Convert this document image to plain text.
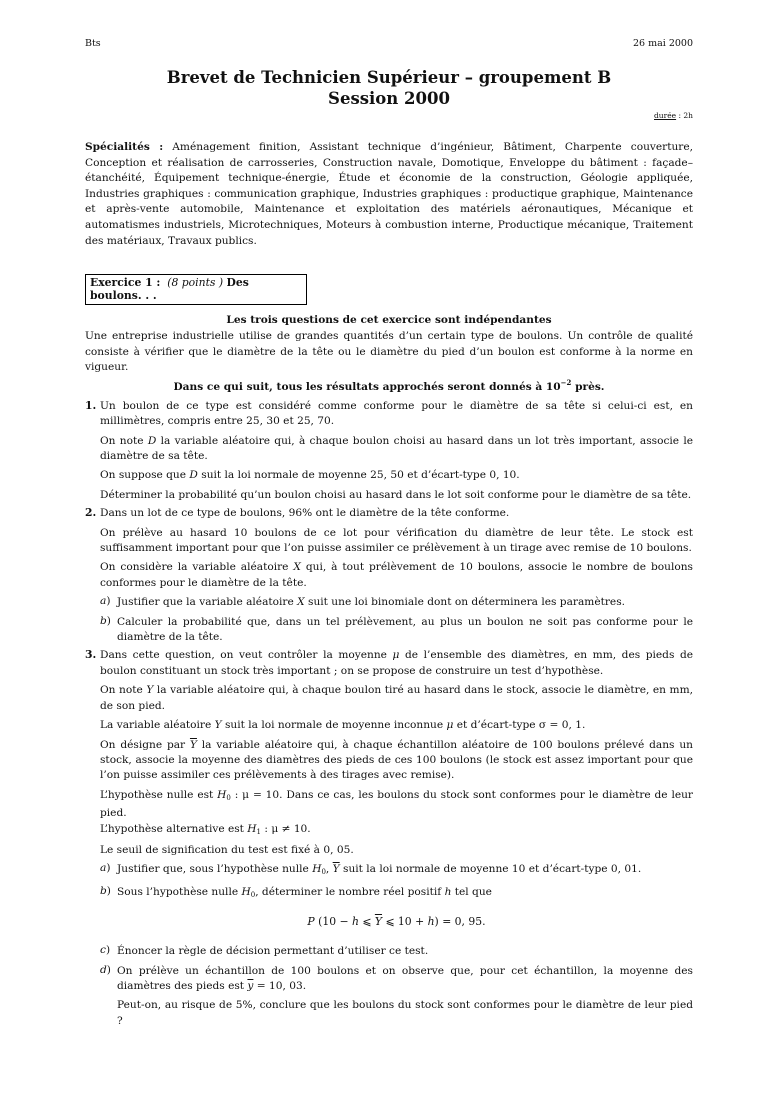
Bts	26 mai 2000
Brevet de Technicien Supérieur – groupement B
Session 2000
durée : 2h

Spécialités : Aménagement finition, Assistant technique d’ingénieur, Bâtiment, Charpente couverture, Conception et réalisation de carrosseries, Construction navale, Domotique, Enveloppe du bâtiment : façade–étanchéité, Équipement technique-énergie, Étude et économie de la construction, Géologie appliquée, Industries graphiques : communication graphique, Industries graphiques : productique graphique, Maintenance et après-vente automobile, Maintenance et exploitation des matériels aéronautiques, Mécanique et automatismes industriels, Microtechniques, Moteurs à combustion interne, Productique mécanique, Traitement des matériaux, Travaux publics.

Exercice 1 : (8 points ) Des boulons. . .
Les trois questions de cet exercice sont indépendantes

Une entreprise industrielle utilise de grandes quantités d’un certain type de boulons. Un contrôle de qualité consiste à vérifier que le diamètre de la tête ou le diamètre du pied d’un boulon est conforme à la norme en vigueur.

Dans ce qui suit, tous les résultats approchés seront donnés à $10^{-2}$ près.

1. Un boulon de ce type est considéré comme conforme pour le diamètre de sa tête si celui-ci est, en millimètres, compris entre 25, 30 et 25, 70.

On note D la variable aléatoire qui, à chaque boulon choisi au hasard dans un lot très important, associe le diamètre de sa tête.

On suppose que D suit la loi normale de moyenne 25, 50 et d’écart-type 0, 10.

Déterminer la probabilité qu’un boulon choisi au hasard dans le lot soit conforme pour le diamètre de sa tête.

2. Dans un lot de ce type de boulons, 96% ont le diamètre de la tête conforme.

On prélève au hasard 10 boulons de ce lot pour vérification du diamètre de leur tête. Le stock est suffisamment important pour que l’on puisse assimiler ce prélèvement à un tirage avec remise de 10 boulons.

On considère la variable aléatoire X qui, à tout prélèvement de 10 boulons, associe le nombre de boulons conformes pour le diamètre de la tête.

a) Justifier que la variable aléatoire X suit une loi binomiale dont on déterminera les paramètres.

b) Calculer la probabilité que, dans un tel prélèvement, au plus un boulon ne soit pas conforme pour le diamètre de la tête.

3. Dans cette question, on veut contrôler la moyenne μ de l’ensemble des diamètres, en mm, des pieds de boulon constituant un stock très important ; on se propose de construire un test d’hypothèse.

On note Y la variable aléatoire qui, à chaque boulon tiré au hasard dans le stock, associe le diamètre, en mm, de son pied.

La variable aléatoire Y suit la loi normale de moyenne inconnue μ et d’écart-type σ = 0, 1.

On désigne par $\overline{Y}$ la variable aléatoire qui, à chaque échantillon aléatoire de 100 boulons prélevé dans un stock, associe la moyenne des diamètres des pieds de ces 100 boulons (le stock est assez important pour que l’on puisse assimiler ces prélèvements à des tirages avec remise).

L’hypothèse nulle est $H_0$ : μ = 10. Dans ce cas, les boulons du stock sont conformes pour le diamètre de leur pied.

L’hypothèse alternative est $H_1$ : μ ≠ 10.

Le seuil de signification du test est fixé à 0, 05.

a) Justifier que, sous l’hypothèse nulle $H_0$, $\overline{Y}$ suit la loi normale de moyenne 10 et d’écart-type 0, 01.

b) Sous l’hypothèse nulle $H_0$, déterminer le nombre réel positif h tel que

P (10 − h ⩽ $\overline{Y}$ ⩽ 10 + h) = 0, 95.
c) Énoncer la règle de décision permettant d’utiliser ce test.

d) On prélève un échantillon de 100 boulons et on observe que, pour cet échantillon, la moyenne des diamètres des pieds est $\overline{y} = 10$, 03.

Peut-on, au risque de 5%, conclure que les boulons du stock sont conformes pour le diamètre de leur pied ?
